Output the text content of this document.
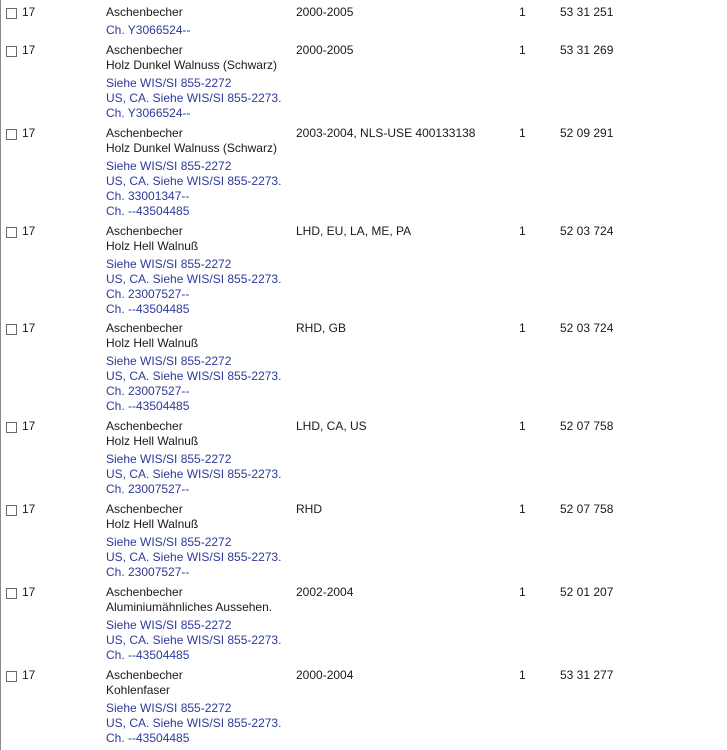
17	Aschenbecher
Ch. Y3066524--
2000-2005	1	53 31 251
17	Aschenbecher
Holz Dunkel Walnuss (Schwarz)
Siehe WIS/SI 855-2272
US, CA. Siehe WIS/SI 855-2273.
Ch. Y3066524--
2000-2005	1	53 31 269
17	Aschenbecher
Holz Dunkel Walnuss (Schwarz)
Siehe WIS/SI 855-2272
US, CA. Siehe WIS/SI 855-2273.
Ch. 33001347--
Ch. --43504485
2003-2004, NLS-USE 400133138	1	52 09 291
17	Aschenbecher
Holz Hell Walnuß
Siehe WIS/SI 855-2272
US, CA. Siehe WIS/SI 855-2273.
Ch. 23007527--
Ch. --43504485
LHD, EU, LA, ME, PA	1	52 03 724
17	Aschenbecher
Holz Hell Walnuß
Siehe WIS/SI 855-2272
US, CA. Siehe WIS/SI 855-2273.
Ch. 23007527--
Ch. --43504485
RHD, GB	1	52 03 724
17	Aschenbecher
Holz Hell Walnuß
Siehe WIS/SI 855-2272
US, CA. Siehe WIS/SI 855-2273.
Ch. 23007527--
LHD, CA, US	1	52 07 758
17	Aschenbecher
Holz Hell Walnuß
Siehe WIS/SI 855-2272
US, CA. Siehe WIS/SI 855-2273.
Ch. 23007527--
RHD	1	52 07 758
17	Aschenbecher
Aluminiumähnliches Aussehen.
Siehe WIS/SI 855-2272
US, CA. Siehe WIS/SI 855-2273.
Ch. --43504485
2002-2004	1	52 01 207
17	Aschenbecher
Kohlenfaser
Siehe WIS/SI 855-2272
US, CA. Siehe WIS/SI 855-2273.
Ch. --43504485
2000-2004	1	53 31 277
